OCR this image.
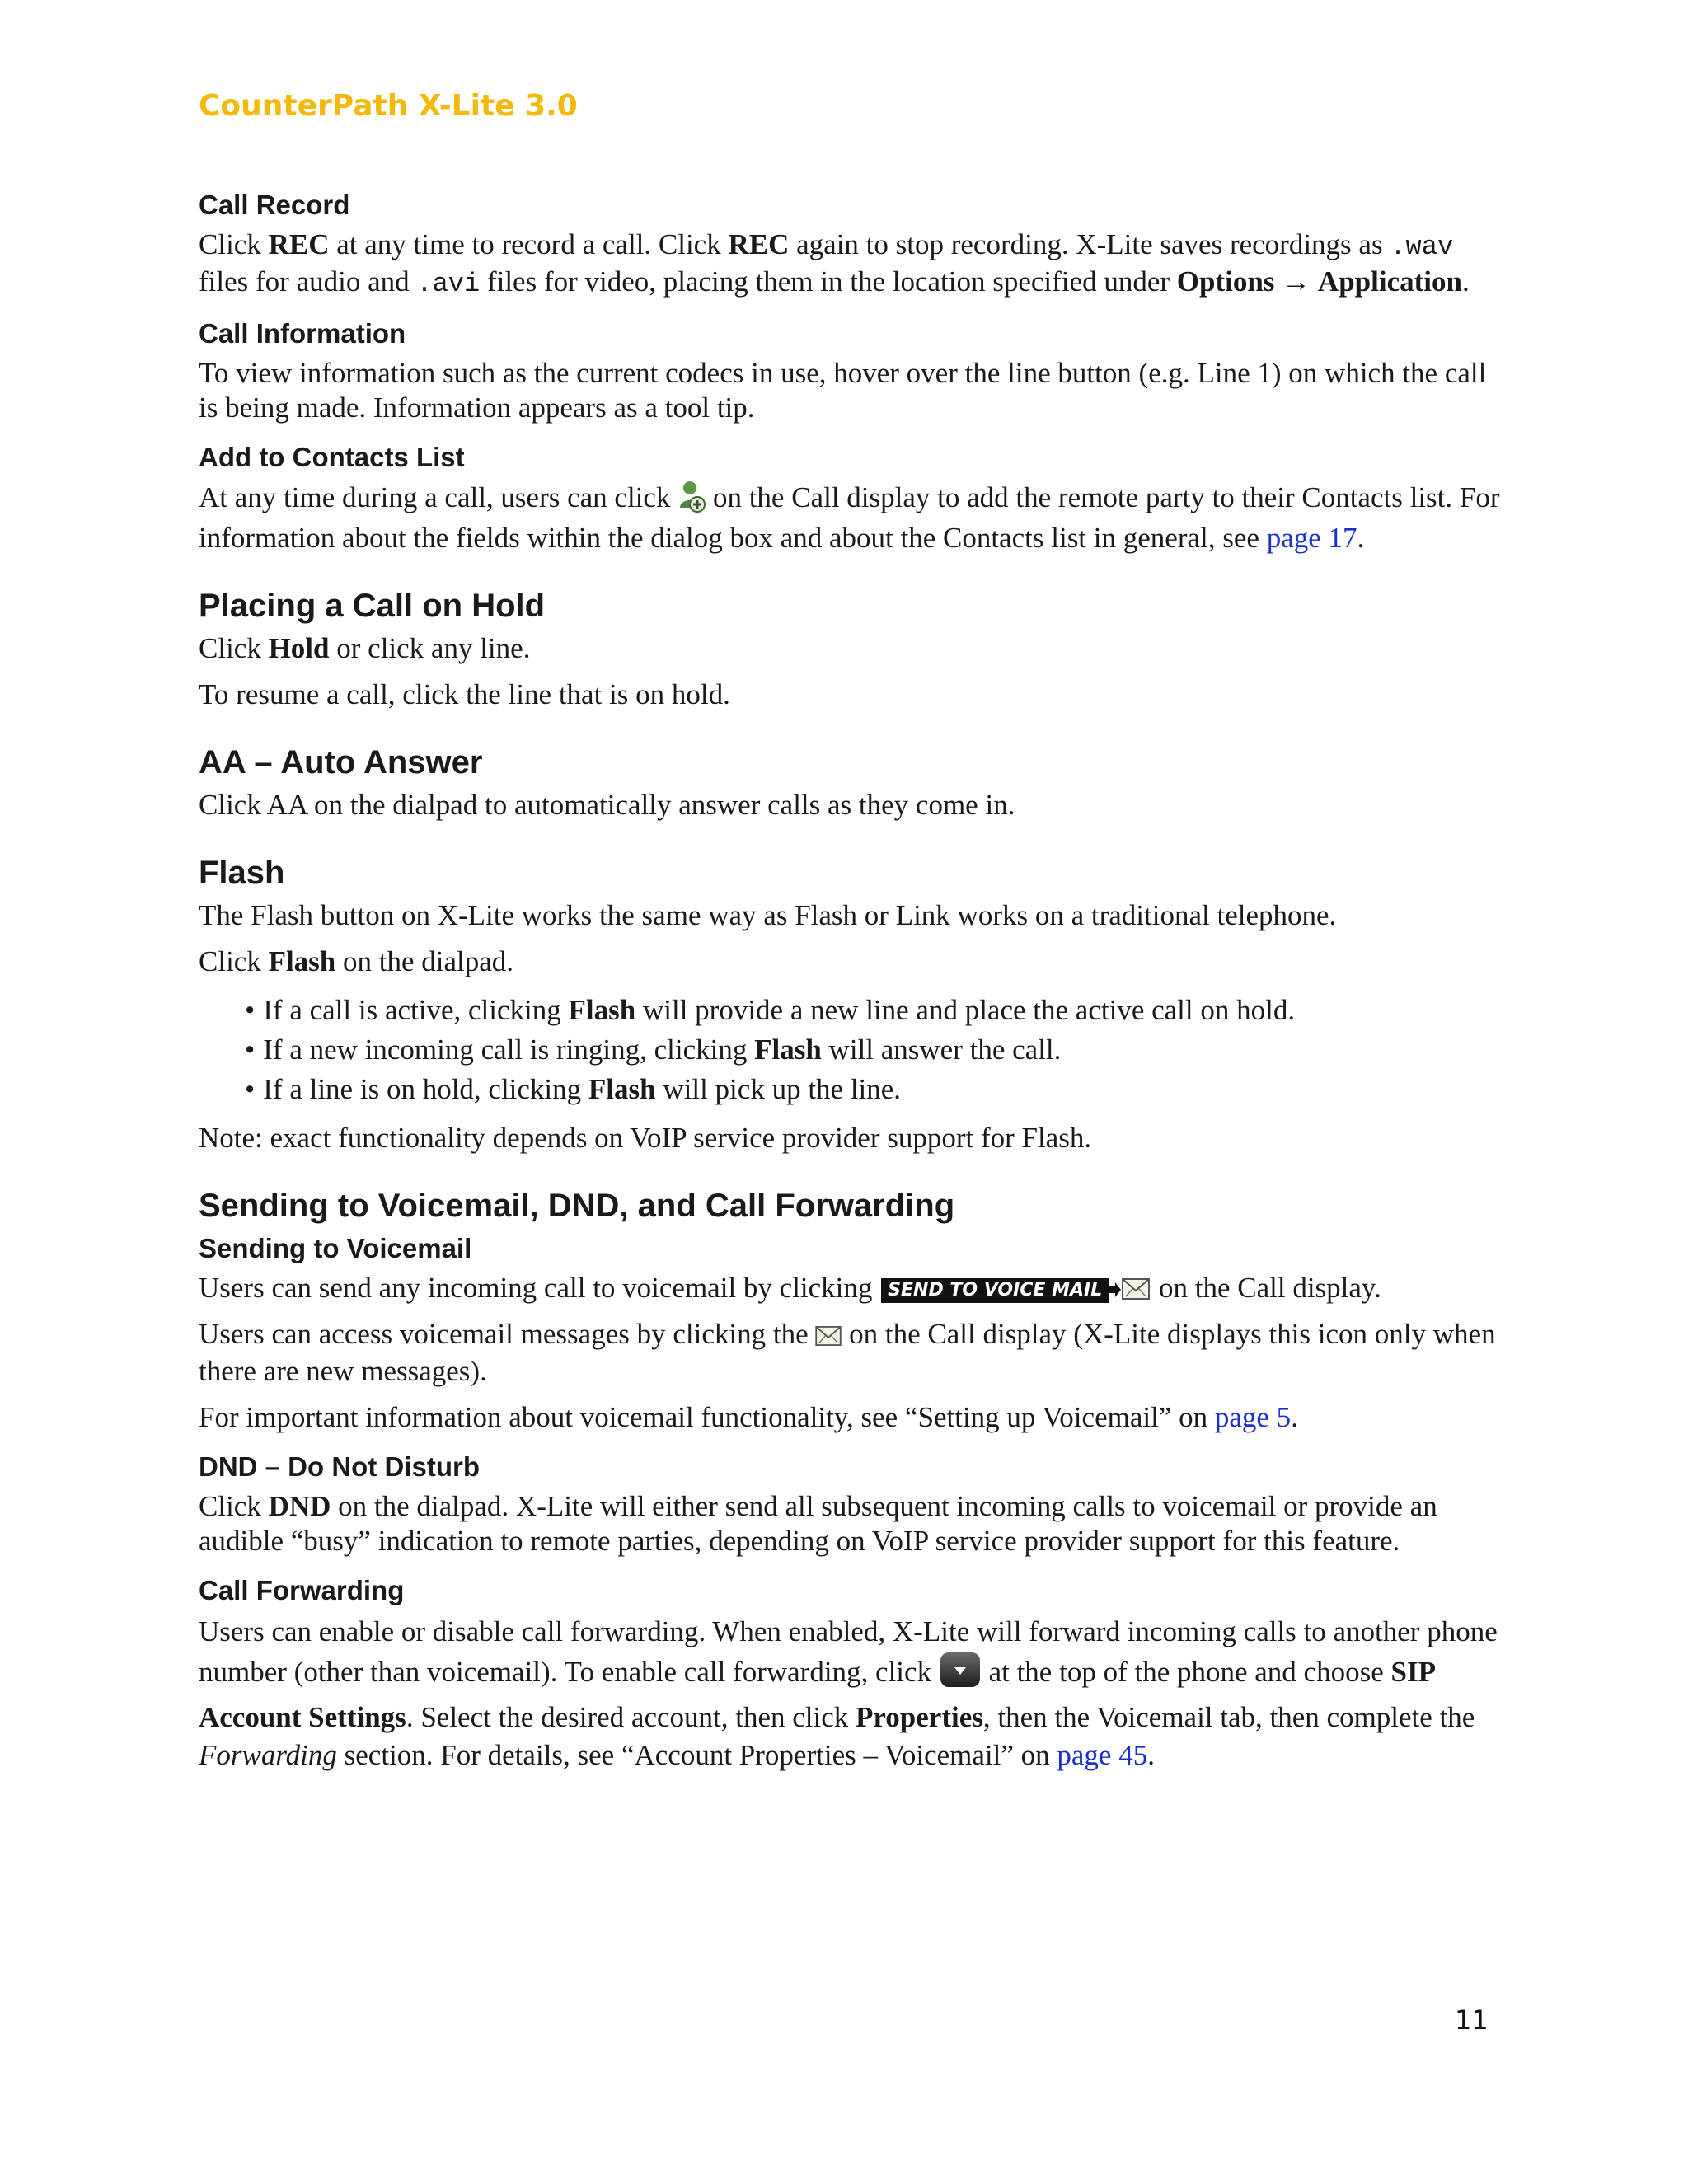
CounterPath X-Lite 3.0
Call Record

Click REC at any time to record a call. Click REC again to stop recording. X-Lite saves recordings as .wav files for audio and .avi files for video, placing them in the location specified under Options → Application.

Call Information

To view information such as the current codecs in use, hover over the line button (e.g. Line 1) on which the call is being made. Information appears as a tool tip.

Add to Contacts List

At any time during a call, users can click  on the Call display to add the remote party to their Contacts list. For information about the fields within the dialog box and about the Contacts list in general, see page 17.

Placing a Call on Hold

Click Hold or click any line.

To resume a call, click the line that is on hold.

AA – Auto Answer

Click AA on the dialpad to automatically answer calls as they come in.

Flash

The Flash button on X-Lite works the same way as Flash or Link works on a traditional telephone.

Click Flash on the dialpad.

• If a call is active, clicking Flash will provide a new line and place the active call on hold.
• If a new incoming call is ringing, clicking Flash will answer the call.
• If a line is on hold, clicking Flash will pick up the line.

Note: exact functionality depends on VoIP service provider support for Flash.

Sending to Voicemail, DND, and Call Forwarding
Sending to Voicemail

Users can send any incoming call to voicemail by clicking SEND TO VOICE MAIL on the Call display.

Users can access voicemail messages by clicking the  on the Call display (X-Lite displays this icon only when there are new messages).

For important information about voicemail functionality, see “Setting up Voicemail” on page 5.

DND – Do Not Disturb

Click DND on the dialpad. X-Lite will either send all subsequent incoming calls to voicemail or provide an audible “busy” indication to remote parties, depending on VoIP service provider support for this feature.

Call Forwarding

Users can enable or disable call forwarding. When enabled, X-Lite will forward incoming calls to another phone number (other than voicemail). To enable call forwarding, click  at the top of the phone and choose SIP Account Settings. Select the desired account, then click Properties, then the Voicemail tab, then complete the Forwarding section. For details, see “Account Properties – Voicemail” on page 45.

11
